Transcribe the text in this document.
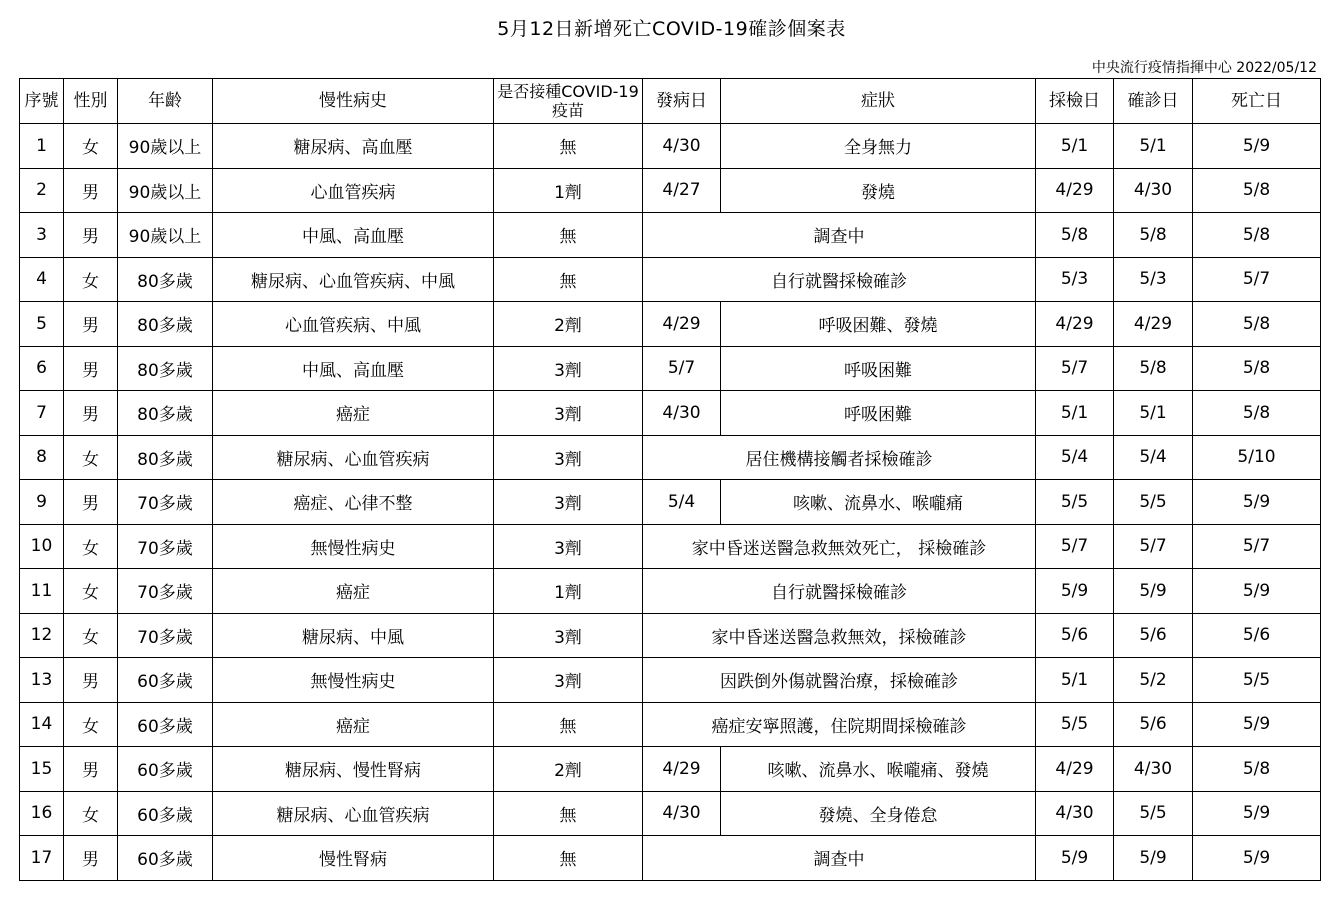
5月12日新增死亡COVID-19確診個案表
中央流行疫情指揮中心 2022/05/12
序號	性別	年齡	慢性病史	是否接種COVID-19疫苗	發病日	症狀	採檢日	確診日	死亡日
1	女	90歲以上	糖尿病、高血壓	無	4/30	全身無力	5/1	5/1	5/9
2	男	90歲以上	心血管疾病	1劑	4/27	發燒	4/29	4/30	5/8
3	男	90歲以上	中風、高血壓	無	調查中		5/8	5/8	5/8
4	女	80多歲	糖尿病、心血管疾病、中風	無	自行就醫採檢確診		5/3	5/3	5/7
5	男	80多歲	心血管疾病、中風	2劑	4/29	呼吸困難、發燒	4/29	4/29	5/8
6	男	80多歲	中風、高血壓	3劑	5/7	呼吸困難	5/7	5/8	5/8
7	男	80多歲	癌症	3劑	4/30	呼吸困難	5/1	5/1	5/8
8	女	80多歲	糖尿病、心血管疾病	3劑	居住機構接觸者採檢確診		5/4	5/4	5/10
9	男	70多歲	癌症、心律不整	3劑	5/4	咳嗽、流鼻水、喉嚨痛	5/5	5/5	5/9
10	女	70多歲	無慢性病史	3劑	家中昏迷送醫急救無效死亡， 採檢確診		5/7	5/7	5/7
11	女	70多歲	癌症	1劑	自行就醫採檢確診		5/9	5/9	5/9
12	女	70多歲	糖尿病、中風	3劑	家中昏迷送醫急救無效，採檢確診		5/6	5/6	5/6
13	男	60多歲	無慢性病史	3劑	因跌倒外傷就醫治療，採檢確診		5/1	5/2	5/5
14	女	60多歲	癌症	無	癌症安寧照護，住院期間採檢確診		5/5	5/6	5/9
15	男	60多歲	糖尿病、慢性腎病	2劑	4/29	咳嗽、流鼻水、喉嚨痛、發燒	4/29	4/30	5/8
16	女	60多歲	糖尿病、心血管疾病	無	4/30	發燒、全身倦怠	4/30	5/5	5/9
17	男	60多歲	慢性腎病	無	調查中		5/9	5/9	5/9
